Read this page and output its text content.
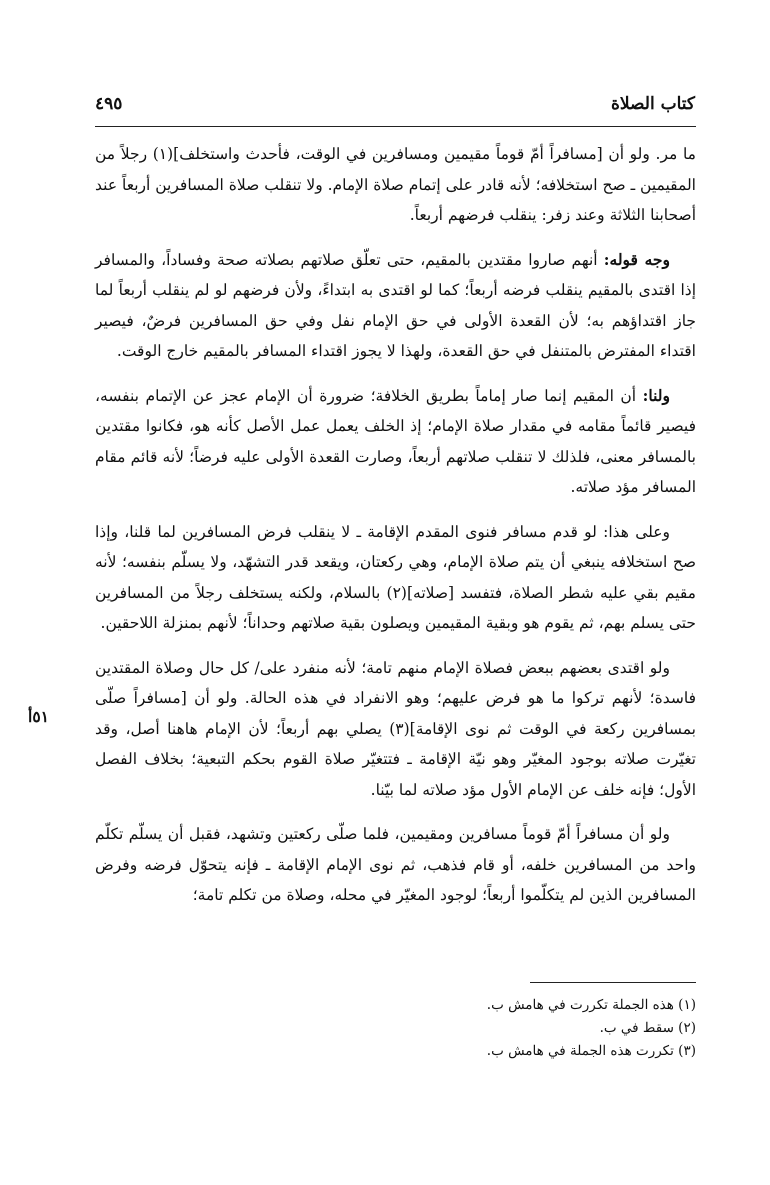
٤٩٥	كتاب الصلاة

ما مر. ولو أن [مسافراً أمّ قوماً مقيمين ومسافرين في الوقت، فأحدث واستخلف](١) رجلاً من المقيمين ـ صح استخلافه؛ لأنه قادر على إتمام صلاة الإمام. ولا تنقلب صلاة المسافرين أربعاً عند أصحابنا الثلاثة وعند زفر: ينقلب فرضهم أربعاً.

وجه قوله: أنهم صاروا مقتدين بالمقيم، حتى تعلّق صلاتهم بصلاته صحة وفساداً، والمسافر إذا اقتدى بالمقيم ينقلب فرضه أربعاً؛ كما لو اقتدى به ابتداءً، ولأن فرضهم لو لم ينقلب أربعاً لما جاز اقتداؤهم به؛ لأن القعدة الأولى في حق الإمام نفل وفي حق المسافرين فرضٌ، فيصير اقتداء المفترض بالمتنفل في حق القعدة، ولهذا لا يجوز اقتداء المسافر بالمقيم خارج الوقت.

ولنا: أن المقيم إنما صار إماماً بطريق الخلافة؛ ضرورة أن الإمام عجز عن الإتمام بنفسه، فيصير قائماً مقامه في مقدار صلاة الإمام؛ إذ الخلف يعمل عمل الأصل كأنه هو، فكانوا مقتدين بالمسافر معنى، فلذلك لا تنقلب صلاتهم أربعاً، وصارت القعدة الأولى عليه فرضاً؛ لأنه قائم مقام المسافر مؤد صلاته.

وعلى هذا: لو قدم مسافر فنوى المقدم الإقامة ـ لا ينقلب فرض المسافرين لما قلنا، وإذا صح استخلافه ينبغي أن يتم صلاة الإمام، وهي ركعتان، ويقعد قدر التشهّد، ولا يسلّم بنفسه؛ لأنه مقيم بقي عليه شطر الصلاة، فتفسد [صلاته](٢) بالسلام، ولكنه يستخلف رجلاً من المسافرين حتى يسلم بهم، ثم يقوم هو وبقية المقيمين ويصلون بقية صلاتهم وحداناً؛ لأنهم بمنزلة اللاحقين.

ولو اقتدى بعضهم ببعض فصلاة الإمام منهم تامة؛ لأنه منفرد على/ كل حال وصلاة المقتدين فاسدة؛ لأنهم تركوا ما هو فرض عليهم؛ وهو الانفراد في هذه الحالة. ولو أن [مسافراً صلّى بمسافرين ركعة في الوقت ثم نوى الإقامة](٣) يصلي بهم أربعاً؛ لأن الإمام هاهنا أصل، وقد تغيّرت صلاته بوجود المغيّر وهو نيّة الإقامة ـ فتتغيّر صلاة القوم بحكم التبعية؛ بخلاف الفصل الأول؛ فإنه خلف عن الإمام الأول مؤد صلاته لما بيّنا.

ولو أن مسافراً أمّ قوماً مسافرين ومقيمين، فلما صلّى ركعتين وتشهد، فقبل أن يسلّم تكلّم واحد من المسافرين خلفه، أو قام فذهب، ثم نوى الإمام الإقامة ـ فإنه يتحوّل فرضه وفرض المسافرين الذين لم يتكلّموا أربعاً؛ لوجود المغيّر في محله، وصلاة من تكلم تامة؛

٥١أ
(١) هذه الجملة تكررت في هامش ب.
(٢) سقط في ب.
(٣) تكررت هذه الجملة في هامش ب.
